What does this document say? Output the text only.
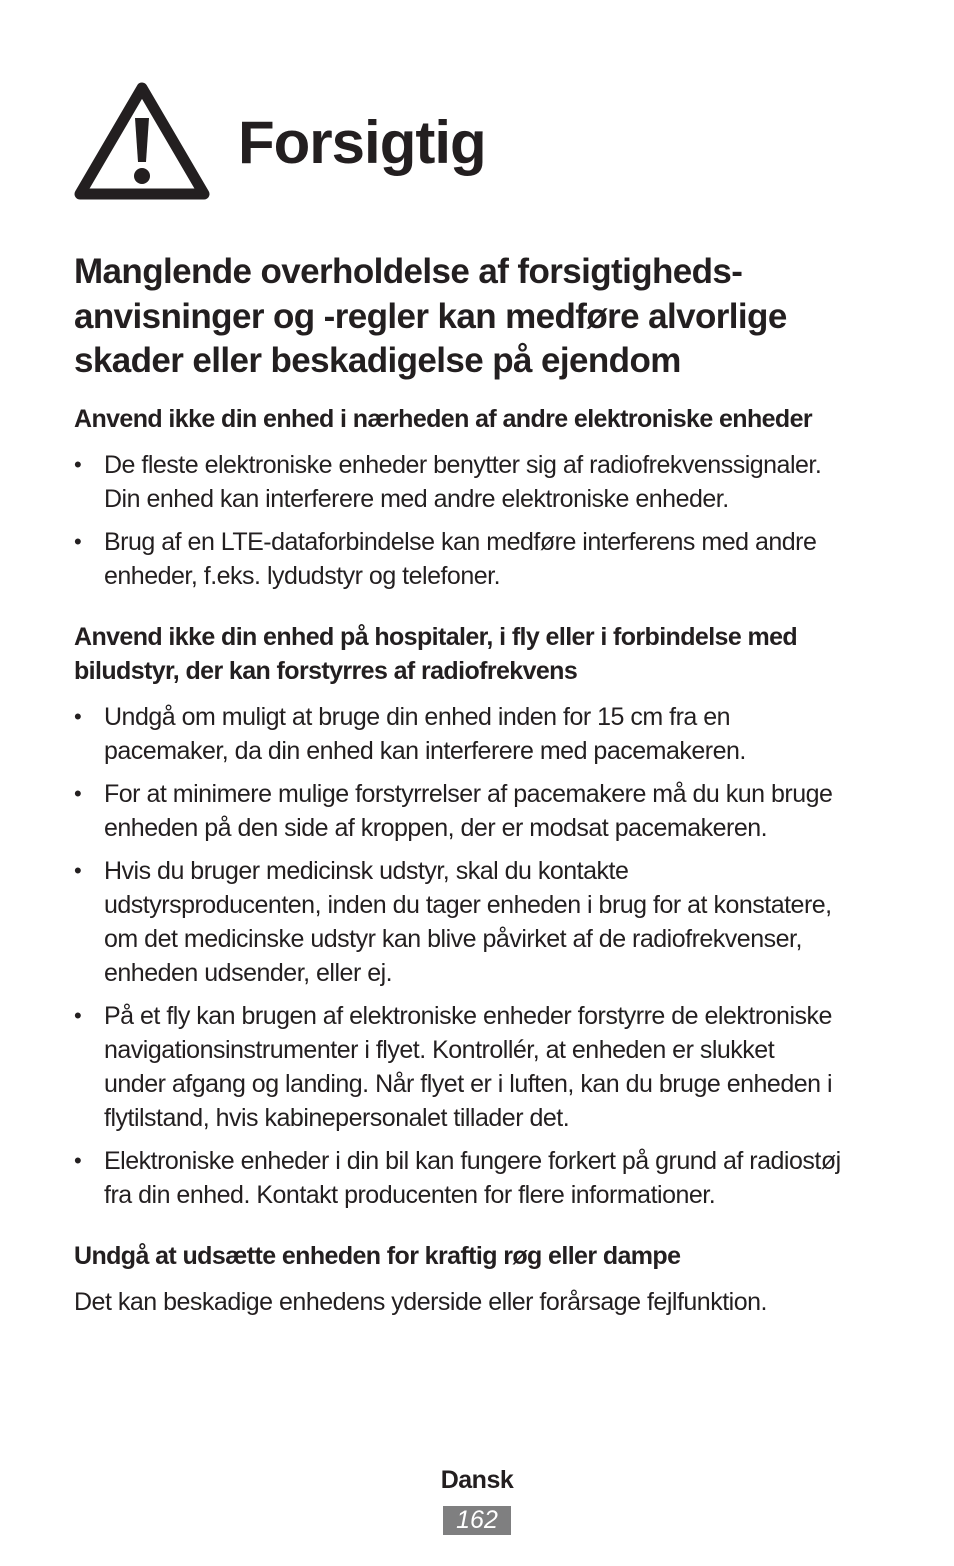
Forsigtig
Manglende overholdelse af forsigtigheds-
anvisninger og -regler kan medføre alvorlige
skader eller beskadigelse på ejendom
Anvend ikke din enhed i nærheden af andre elektroniske enheder
• De fleste elektroniske enheder benytter sig af radiofrekvenssignaler.
Din enhed kan interferere med andre elektroniske enheder.
• Brug af en LTE-dataforbindelse kan medføre interferens med andre
enheder, f.eks. lydudstyr og telefoner.
Anvend ikke din enhed på hospitaler, i fly eller i forbindelse med
biludstyr, der kan forstyrres af radiofrekvens
• Undgå om muligt at bruge din enhed inden for 15 cm fra en
pacemaker, da din enhed kan interferere med pacemakeren.
• For at minimere mulige forstyrrelser af pacemakere må du kun bruge
enheden på den side af kroppen, der er modsat pacemakeren.
• Hvis du bruger medicinsk udstyr, skal du kontakte
udstyrsproducenten, inden du tager enheden i brug for at konstatere,
om det medicinske udstyr kan blive påvirket af de radiofrekvenser,
enheden udsender, eller ej.
• På et fly kan brugen af elektroniske enheder forstyrre de elektroniske
navigationsinstrumenter i flyet. Kontrollér, at enheden er slukket
under afgang og landing. Når flyet er i luften, kan du bruge enheden i
flytilstand, hvis kabinepersonalet tillader det.
• Elektroniske enheder i din bil kan fungere forkert på grund af radiostøj
fra din enhed. Kontakt producenten for flere informationer.
Undgå at udsætte enheden for kraftig røg eller dampe

Det kan beskadige enhedens yderside eller forårsage fejlfunktion.

Dansk
162
